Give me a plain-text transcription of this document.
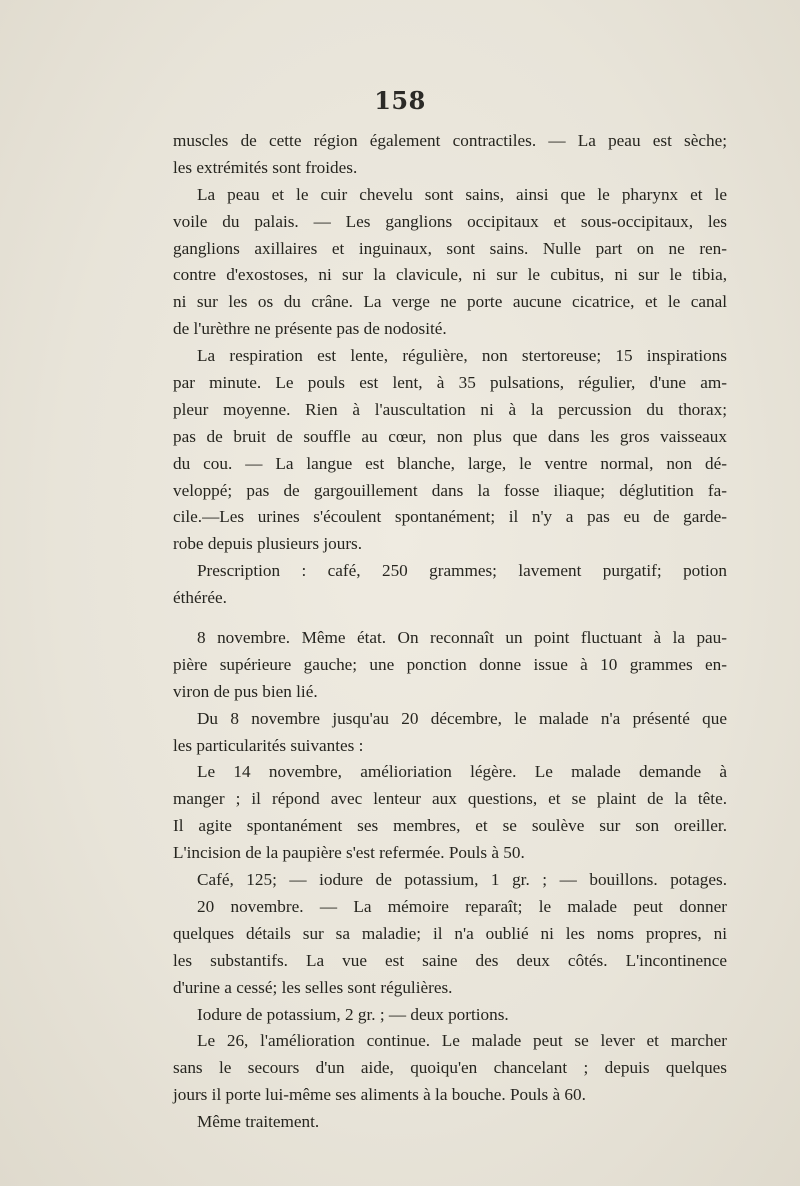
158
muscles de cette région également contractiles. — La peau est sèche;
les extrémités sont froides.
La peau et le cuir chevelu sont sains, ainsi que le pharynx et le
voile du palais. — Les ganglions occipitaux et sous-occipitaux, les
ganglions axillaires et inguinaux, sont sains. Nulle part on ne ren-
contre d'exostoses, ni sur la clavicule, ni sur le cubitus, ni sur le tibia,
ni sur les os du crâne. La verge ne porte aucune cicatrice, et le canal
de l'urèthre ne présente pas de nodosité.
La respiration est lente, régulière, non stertoreuse; 15 inspirations
par minute. Le pouls est lent, à 35 pulsations, régulier, d'une am-
pleur moyenne. Rien à l'auscultation ni à la percussion du thorax;
pas de bruit de souffle au cœur, non plus que dans les gros vaisseaux
du cou. — La langue est blanche, large, le ventre normal, non dé-
veloppé; pas de gargouillement dans la fosse iliaque; déglutition fa-
cile.—Les urines s'écoulent spontanément; il n'y a pas eu de garde-
robe depuis plusieurs jours.
Prescription : café, 250 grammes; lavement purgatif; potion
éthérée.
8 novembre. Même état. On reconnaît un point fluctuant à la pau-
pière supérieure gauche; une ponction donne issue à 10 grammes en-
viron de pus bien lié.
Du 8 novembre jusqu'au 20 décembre, le malade n'a présenté que
les particularités suivantes :
Le 14 novembre, amélioriation légère. Le malade demande à
manger ; il répond avec lenteur aux questions, et se plaint de la tête.
Il agite spontanément ses membres, et se soulève sur son oreiller.
L'incision de la paupière s'est refermée. Pouls à 50.
Café, 125; — iodure de potassium, 1 gr. ; — bouillons. potages.
20 novembre. — La mémoire reparaît; le malade peut donner
quelques détails sur sa maladie; il n'a oublié ni les noms propres, ni
les substantifs. La vue est saine des deux côtés. L'incontinence
d'urine a cessé; les selles sont régulières.
Iodure de potassium, 2 gr. ; — deux portions.
Le 26, l'amélioration continue. Le malade peut se lever et marcher
sans le secours d'un aide, quoiqu'en chancelant ; depuis quelques
jours il porte lui-même ses aliments à la bouche. Pouls à 60.
Même traitement.
